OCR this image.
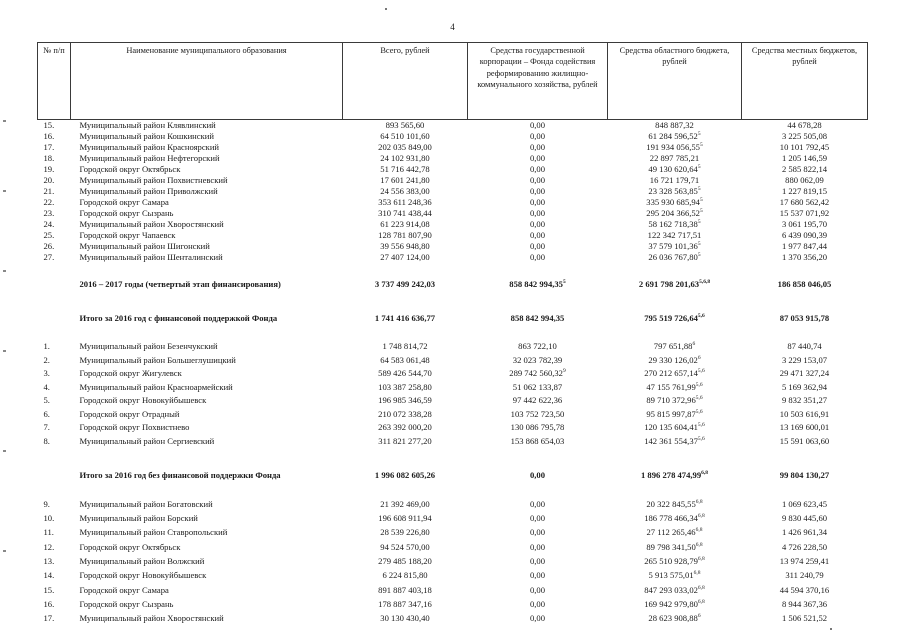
4
№ п/п	Наименование муниципального образования	Всего, рублей	Средства государственной корпорации – Фонда содействия реформированию жилищно-коммунального хозяйства, рублей	Средства областного бюджета, рублей	Средства местных бюджетов, рублей
15.	Муниципальный район Клявлинский	893 565,60	0,00	848 887,32	44 678,28
16.	Муниципальный район Кошкинский	64 510 101,60	0,00	61 284 596,52$^5$	3 225 505,08
17.	Муниципальный район Красноярский	202 035 849,00	0,00	191 934 056,55$^5$	10 101 792,45
18.	Муниципальный район Нефтегорский	24 102 931,80	0,00	22 897 785,21	1 205 146,59
19.	Городской округ Октябрьск	51 716 442,78	0,00	49 130 620,64$^5$	2 585 822,14
20.	Муниципальный район Похвистневский	17 601 241,80	0,00	16 721 179,71	880 062,09
21.	Муниципальный район Приволжский	24 556 383,00	0,00	23 328 563,85$^5$	1 227 819,15
22.	Городской округ Самара	353 611 248,36	0,00	335 930 685,94$^5$	17 680 562,42
23.	Городской округ Сызрань	310 741 438,44	0,00	295 204 366,52$^5$	15 537 071,92
24.	Муниципальный район Хворостянский	61 223 914,08	0,00	58 162 718,38$^5$	3 061 195,70
25.	Городской округ Чапаевск	128 781 807,90	0,00	122 342 717,51	6 439 090,39
26.	Муниципальный район Шигонский	39 556 948,80	0,00	37 579 101,36$^5$	1 977 847,44
27.	Муниципальный район Шенталинский	27 407 124,00	0,00	26 036 767,80$^5$	1 370 356,20

	2016 – 2017 годы (четвертый этап финансирования)	3 737 499 242,03	858 842 994,35$^5$	2 691 798 201,63$^{5,6,8}$	186 858 046,05

	Итого за 2016 год с финансовой поддержкой Фонда	1 741 416 636,77	858 842 994,35	795 519 726,64$^{5,6}$	87 053 915,78

1.	Муниципальный район Безенчукский	1 748 814,72	863 722,10	797 651,88$^6$	87 440,74
2.	Муниципальный район Большеглушицкий	64 583 061,48	32 023 782,39	29 330 126,02$^6$	3 229 153,07
3.	Городской округ Жигулевск	589 426 544,70	289 742 560,32$^9$	270 212 657,14$^{5,6}$	29 471 327,24
4.	Муниципальный район Красноармейский	103 387 258,80	51 062 133,87	47 155 761,99$^{5,6}$	5 169 362,94
5.	Городской округ Новокуйбышевск	196 985 346,59	97 442 622,36	89 710 372,96$^{5,6}$	9 832 351,27
6.	Городской округ Отрадный	210 072 338,28	103 752 723,50	95 815 997,87$^{5,6}$	10 503 616,91
7.	Городской округ Похвистнево	263 392 000,20	130 086 795,78	120 135 604,41$^{5,6}$	13 169 600,01
8.	Муниципальный район Сергиевский	311 821 277,20	153 868 654,03	142 361 554,37$^{5,6}$	15 591 063,60

	Итого за 2016 год без финансовой поддержки Фонда	1 996 082 605,26	0,00	1 896 278 474,99$^{6,8}$	99 804 130,27

9.	Муниципальный район Богатовский	21 392 469,00	0,00	20 322 845,55$^{6,8}$	1 069 623,45
10.	Муниципальный район Борский	196 608 911,94	0,00	186 778 466,34$^{6,8}$	9 830 445,60
11.	Муниципальный район Ставропольский	28 539 226,80	0,00	27 112 265,46$^{6,8}$	1 426 961,34
12.	Городской округ Октябрьск	94 524 570,00	0,00	89 798 341,50$^{6,8}$	4 726 228,50
13.	Муниципальный район Волжский	279 485 188,20	0,00	265 510 928,79$^{6,8}$	13 974 259,41
14.	Городской округ Новокуйбышевск	6 224 815,80	0,00	5 913 575,01$^{6,8}$	311 240,79
15.	Городской округ Самара	891 887 403,18	0,00	847 293 033,02$^{6,8}$	44 594 370,16
16.	Городской округ Сызрань	178 887 347,16	0,00	169 942 979,80$^{6,8}$	8 944 367,36
17.	Муниципальный район Хворостянский	30 130 430,40	0,00	28 623 908,88$^6$	1 506 521,52
